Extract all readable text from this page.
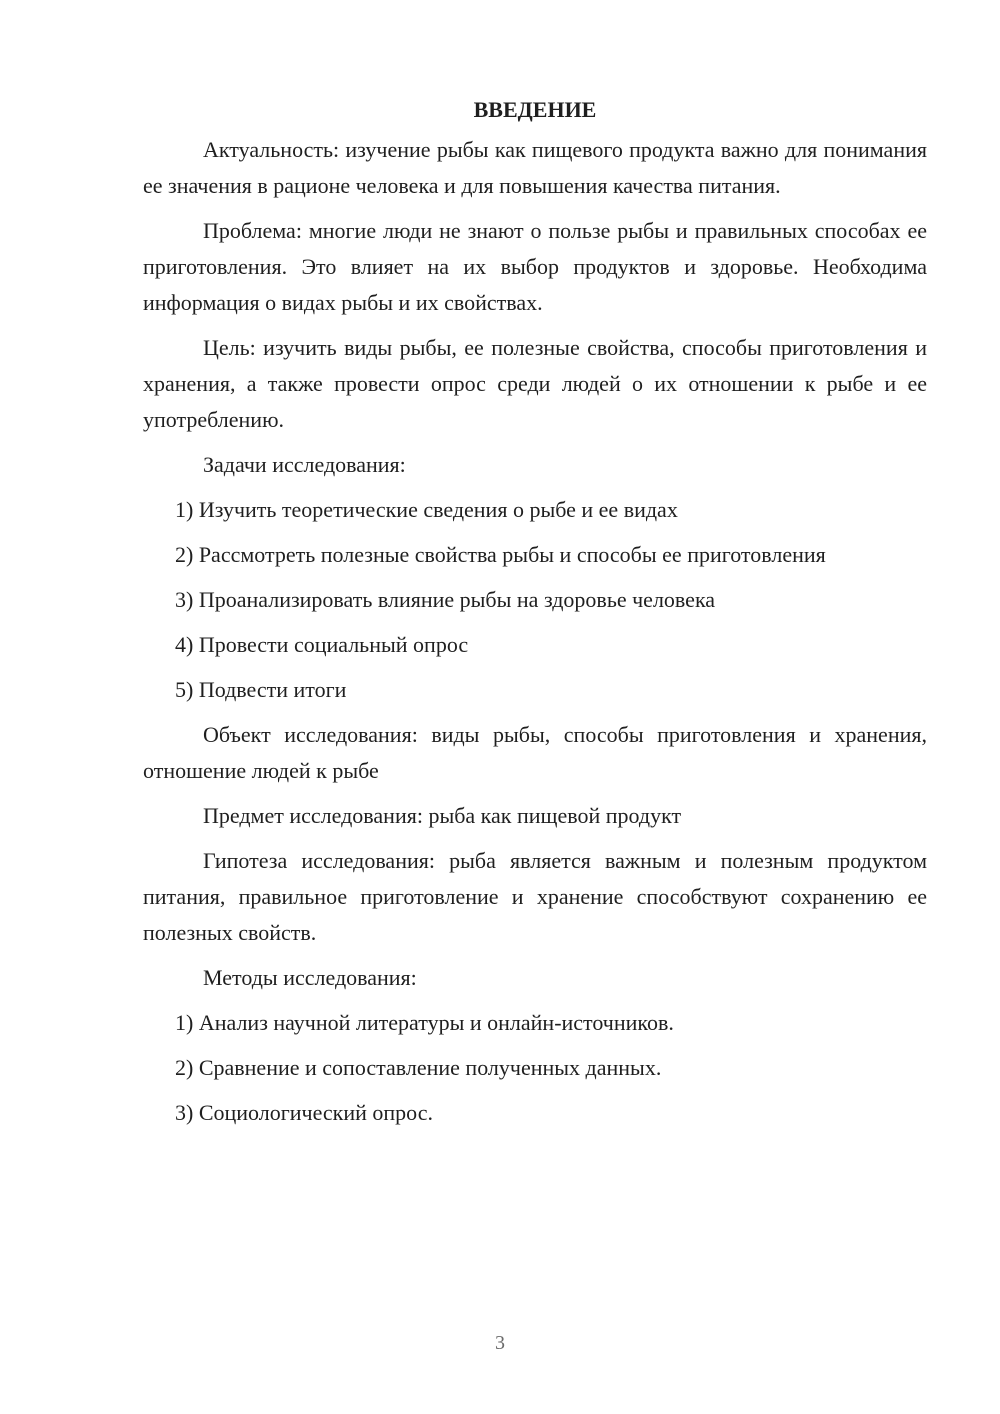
ВВЕДЕНИЕ

Актуальность: изучение рыбы как пищевого продукта важно для понимания ее значения в рационе человека и для повышения качества питания.

Проблема: многие люди не знают о пользе рыбы и правильных способах ее приготовления. Это влияет на их выбор продуктов и здоровье. Необходима информация о видах рыбы и их свойствах.

Цель: изучить виды рыбы, ее полезные свойства, способы приготовления и хранения, а также провести опрос среди людей о их отношении к рыбе и ее употреблению.

Задачи исследования:

1) Изучить теоретические сведения о рыбе и ее видах
2) Рассмотреть полезные свойства рыбы и способы ее приготовления
3) Проанализировать влияние рыбы на здоровье человека
4) Провести социальный опрос
5) Подвести итоги

Объект исследования: виды рыбы, способы приготовления и хранения, отношение людей к рыбе

Предмет исследования: рыба как пищевой продукт

Гипотеза исследования: рыба является важным и полезным продуктом питания, правильное приготовление и хранение способствуют сохранению ее полезных свойств.

Методы исследования:

1) Анализ научной литературы и онлайн-источников.
2) Сравнение и сопоставление полученных данных.
3) Социологический опрос.
3
